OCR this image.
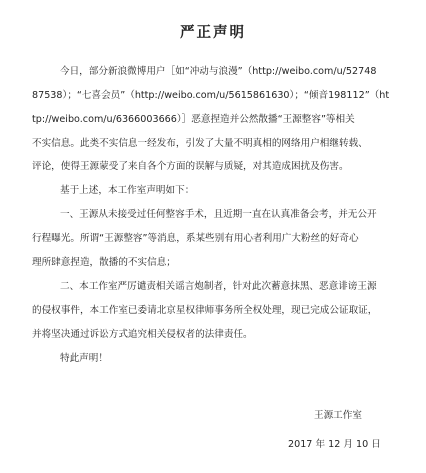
严正声明
今日，部分新浪微博用户［如“冲动与浪漫”（http://weibo.com/u/52748
87538）；“七喜会员”（http://weibo.com/u/5615861630）；“倾音198112”（ht
tp://weibo.com/u/6366003666）］恶意捏造并公然散播“王源整容”等相关
不实信息。此类不实信息一经发布，引发了大量不明真相的网络用户相继转载、
评论，使得王源蒙受了来自各个方面的误解与质疑，对其造成困扰及伤害。
基于上述，本工作室声明如下：
一、王源从未接受过任何整容手术，且近期一直在认真准备会考，并无公开
行程曝光。所谓“王源整容”等消息，系某些别有用心者利用广大粉丝的好奇心
理所肆意捏造，散播的不实信息；
二、本工作室严厉谴责相关谣言炮制者，针对此次蓄意抹黑、恶意诽谤王源
的侵权事件，本工作室已委请北京星权律师事务所全权处理，现已完成公证取证，
并将坚决通过诉讼方式追究相关侵权者的法律责任。
特此声明！
王源工作室
2017 年 12 月 10 日
